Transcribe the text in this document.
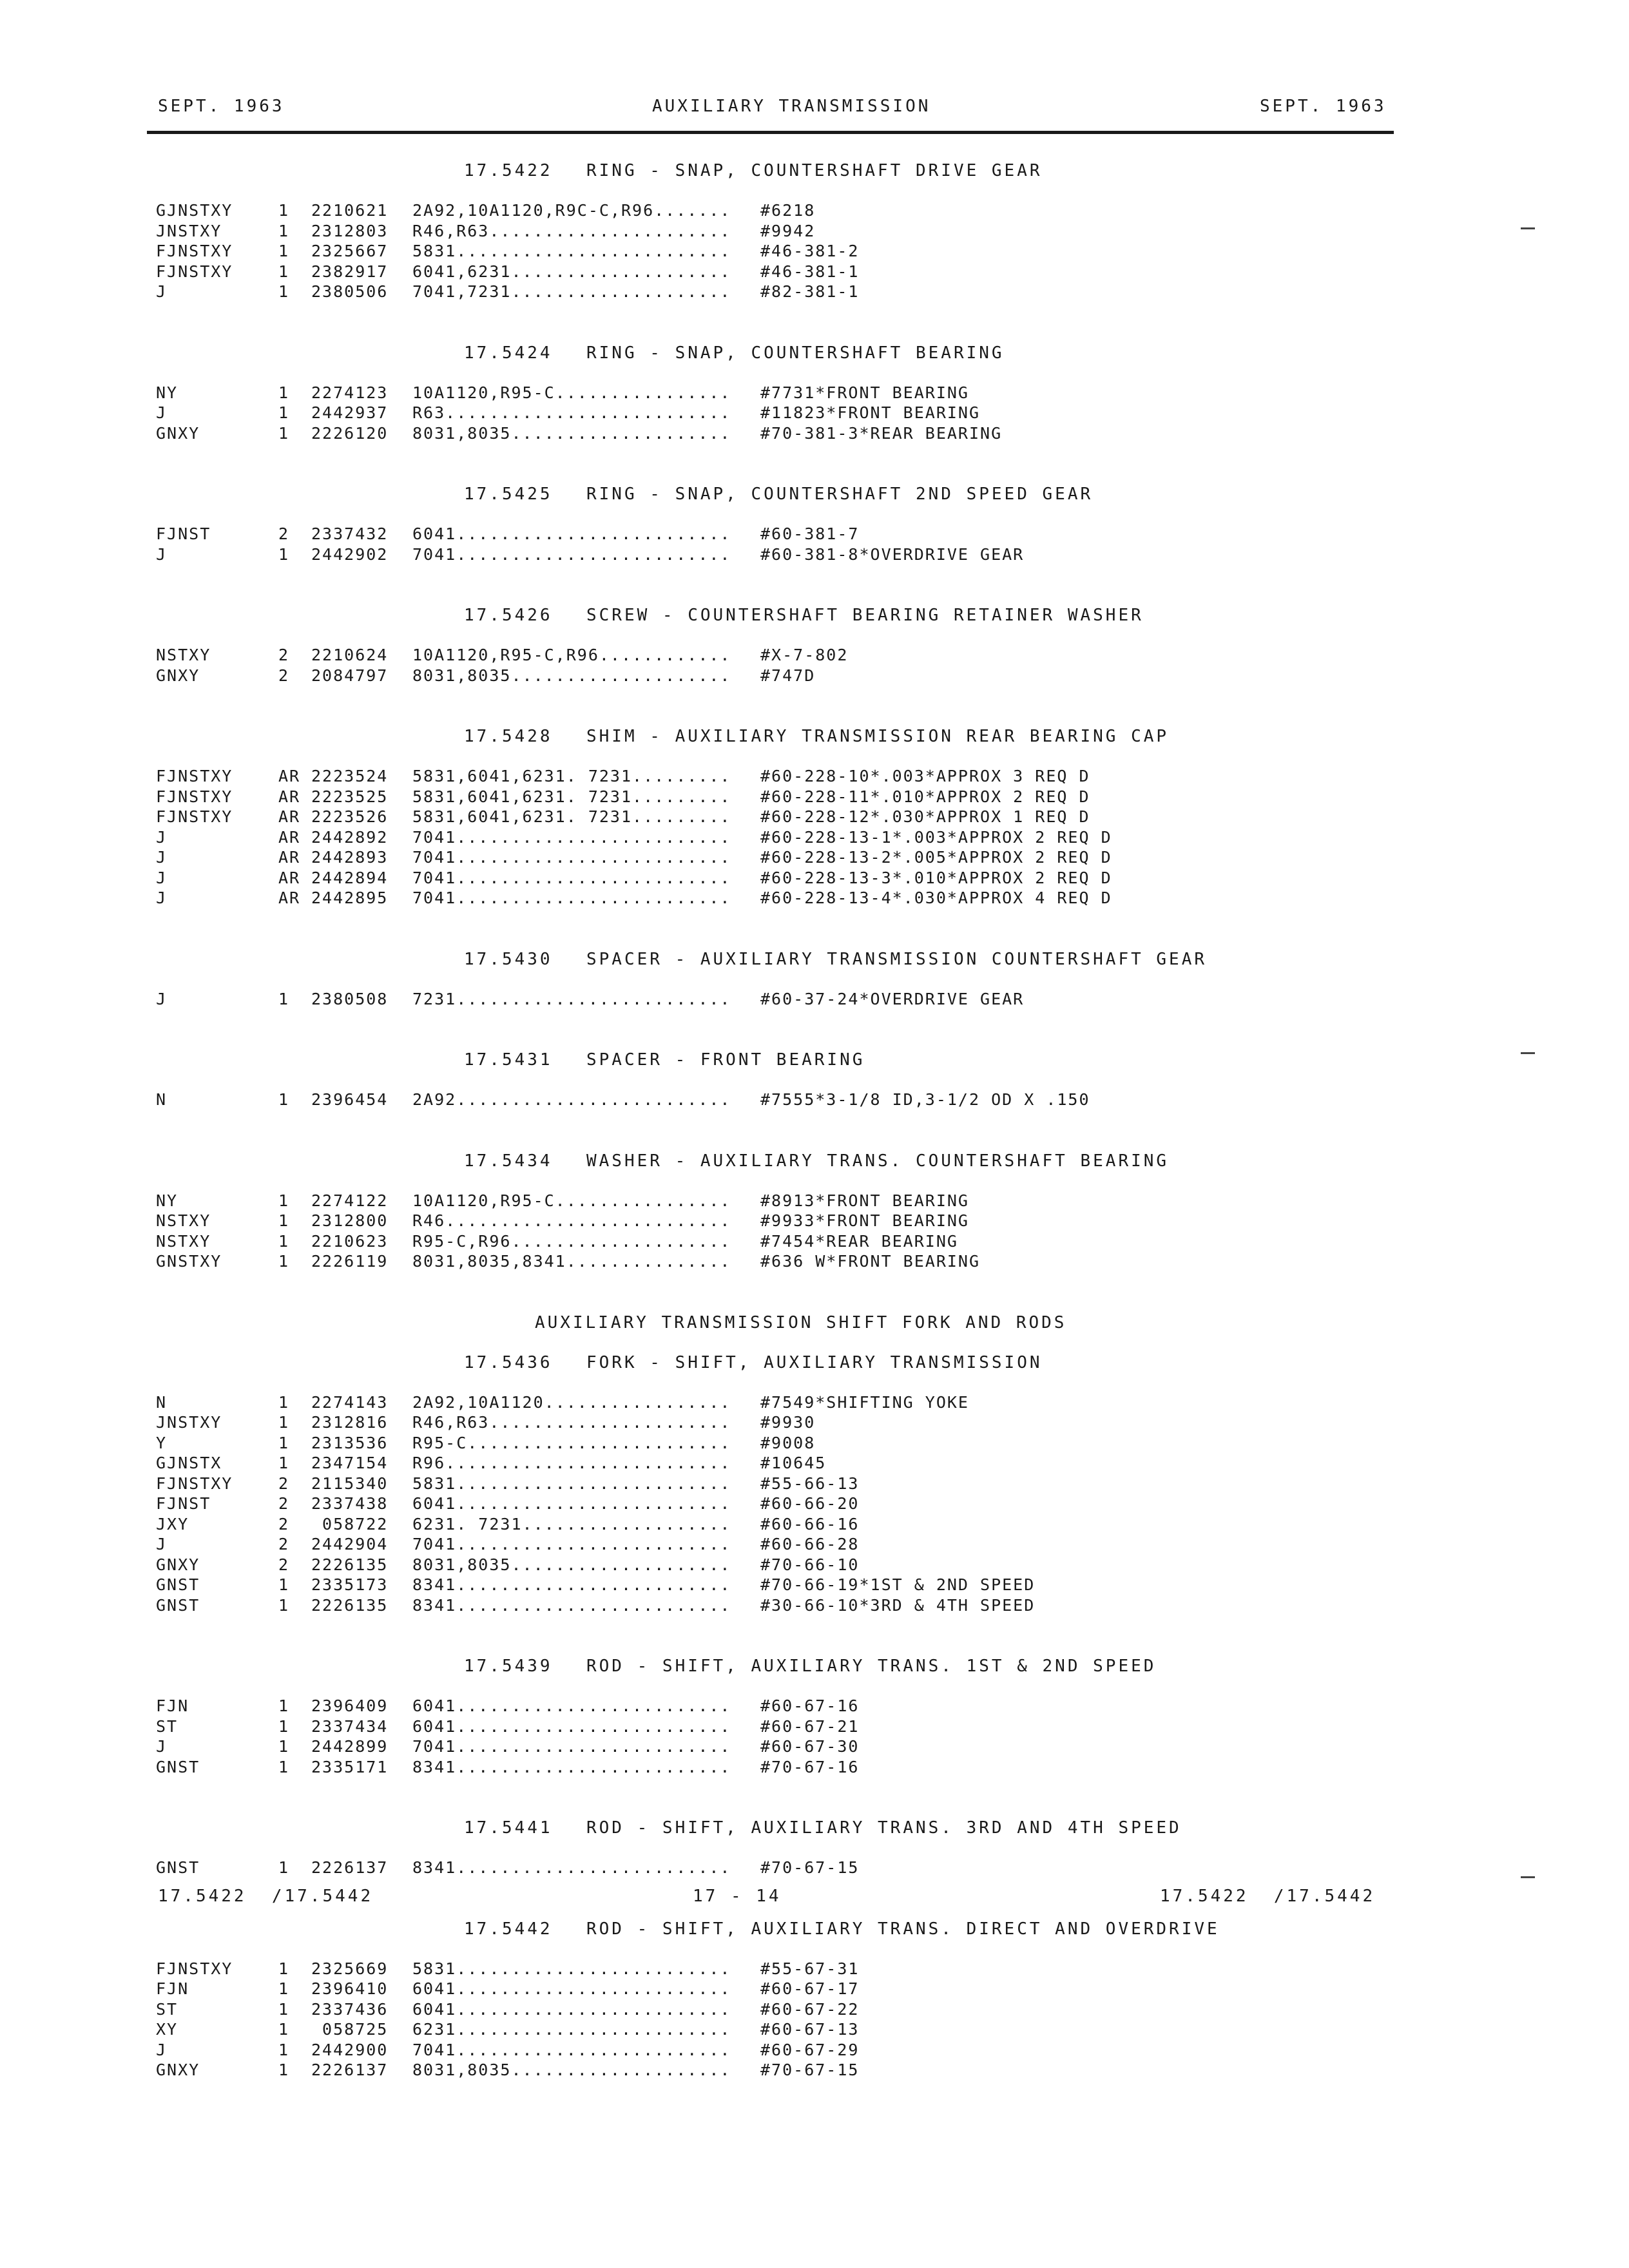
SEPT. 1963	AUXILIARY TRANSMISSION	SEPT. 1963
17.5422 RING - SNAP, COUNTERSHAFT DRIVE GEAR
GJNSTXY	1 2210621 2A92,10A1120,R9C-C,R96....... #6218
JNSTXY	1 2312803 R46,R63...................... #9942
FJNSTXY	1 2325667 5831......................... #46-381-2
FJNSTXY	1 2382917 6041,6231.................... #46-381-1
J	1 2380506 7041,7231.................... #82-381-1
17.5424 RING - SNAP, COUNTERSHAFT BEARING
NY	1 2274123 10A1120,R95-C................ #7731*FRONT BEARING
J	1 2442937 R63.......................... #11823*FRONT BEARING
GNXY	1 2226120 8031,8035.................... #70-381-3*REAR BEARING
17.5425 RING - SNAP, COUNTERSHAFT 2ND SPEED GEAR
FJNST	2 2337432 6041......................... #60-381-7
J	1 2442902 7041......................... #60-381-8*OVERDRIVE GEAR
17.5426 SCREW - COUNTERSHAFT BEARING RETAINER WASHER
NSTXY	2 2210624 10A1120,R95-C,R96............ #X-7-802
GNXY	2 2084797 8031,8035.................... #747D
17.5428 SHIM - AUXILIARY TRANSMISSION REAR BEARING CAP
FJNSTXY	AR 2223524 5831,6041,6231. 7231......... #60-228-10*.003*APPROX 3 REQ D
FJNSTXY	AR 2223525 5831,6041,6231. 7231......... #60-228-11*.010*APPROX 2 REQ D
FJNSTXY	AR 2223526 5831,6041,6231. 7231......... #60-228-12*.030*APPROX 1 REQ D
J	AR 2442892 7041......................... #60-228-13-1*.003*APPROX 2 REQ D
J	AR 2442893 7041......................... #60-228-13-2*.005*APPROX 2 REQ D
J	AR 2442894 7041......................... #60-228-13-3*.010*APPROX 2 REQ D
J	AR 2442895 7041......................... #60-228-13-4*.030*APPROX 4 REQ D
17.5430 SPACER - AUXILIARY TRANSMISSION COUNTERSHAFT GEAR
J	1 2380508 7231......................... #60-37-24*OVERDRIVE GEAR
17.5431 SPACER - FRONT BEARING
N	1 2396454 2A92......................... #7555*3-1/8 ID,3-1/2 OD X .150
17.5434 WASHER - AUXILIARY TRANS. COUNTERSHAFT BEARING
NY	1 2274122 10A1120,R95-C................ #8913*FRONT BEARING
NSTXY	1 2312800 R46.......................... #9933*FRONT BEARING
NSTXY	1 2210623 R95-C,R96.................... #7454*REAR BEARING
GNSTXY	1 2226119 8031,8035,8341............... #636 W*FRONT BEARING
AUXILIARY TRANSMISSION SHIFT FORK AND RODS
17.5436 FORK - SHIFT, AUXILIARY TRANSMISSION
N	1 2274143 2A92,10A1120................. #7549*SHIFTING YOKE
JNSTXY	1 2312816 R46,R63...................... #9930
Y	1 2313536 R95-C........................ #9008
GJNSTX	1 2347154 R96.......................... #10645
FJNSTXY	2 2115340 5831......................... #55-66-13
FJNST	2 2337438 6041......................... #60-66-20
JXY	2 058722 6231. 7231................... #60-66-16
J	2 2442904 7041......................... #60-66-28
GNXY	2 2226135 8031,8035.................... #70-66-10
GNST	1 2335173 8341......................... #70-66-19*1ST & 2ND SPEED
GNST	1 2226135 8341......................... #30-66-10*3RD & 4TH SPEED
17.5439 ROD - SHIFT, AUXILIARY TRANS. 1ST & 2ND SPEED
FJN	1 2396409 6041......................... #60-67-16
ST	1 2337434 6041......................... #60-67-21
J	1 2442899 7041......................... #60-67-30
GNST	1 2335171 8341......................... #70-67-16
17.5441 ROD - SHIFT, AUXILIARY TRANS. 3RD AND 4TH SPEED
GNST	1 2226137 8341......................... #70-67-15
17.5442 ROD - SHIFT, AUXILIARY TRANS. DIRECT AND OVERDRIVE
FJNSTXY	1 2325669 5831......................... #55-67-31
FJN	1 2396410 6041......................... #60-67-17
ST	1 2337436 6041......................... #60-67-22
XY	1 058725 6231......................... #60-67-13
J	1 2442900 7041......................... #60-67-29
GNXY	1 2226137 8031,8035.................... #70-67-15
17.5422  /17.5442	17 - 14	17.5422  /17.5442
